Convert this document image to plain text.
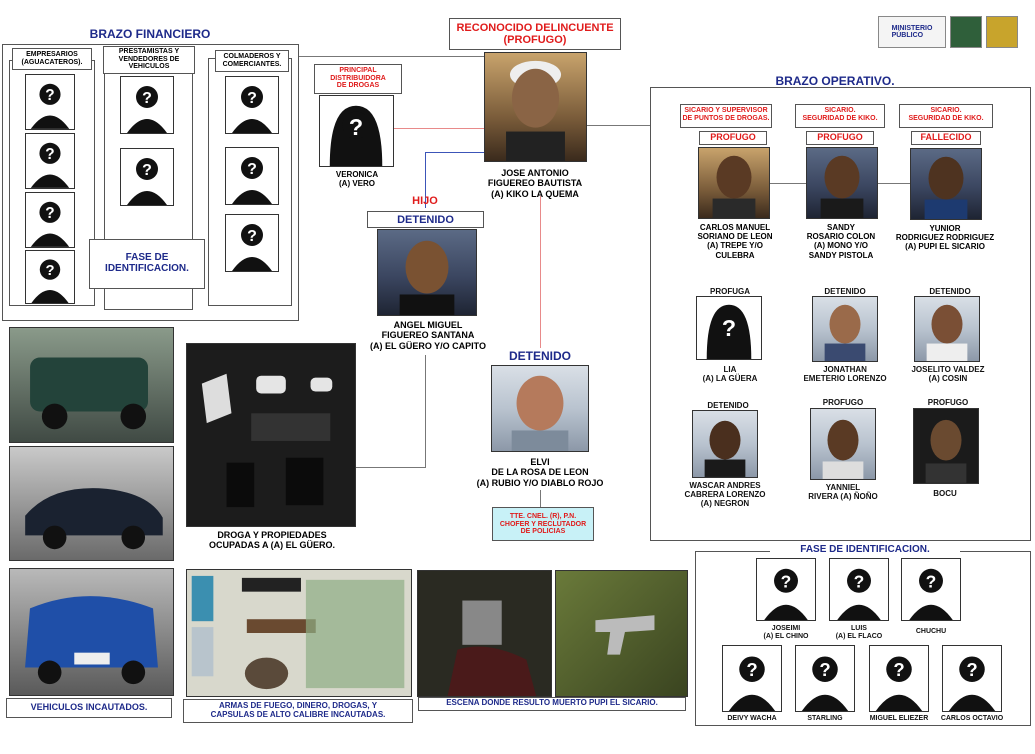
BRAZO FINANCIERO
EMPRESARIOS
(AGUACATEROS).
PRESTAMISTAS Y
VENDEDORES DE
VEHICULOS
COLMADEROS Y
COMERCIANTES.
?
?
?
?
?
?
?
?
?
FASE DE
IDENTIFICACION.
RECONOCIDO DELINCUENTE
(PROFUGO)
JOSE ANTONIO
FIGUEREO BAUTISTA
(A) KIKO LA QUEMA
PRINCIPAL
DISTRIBUIDORA
DE DROGAS
?
VERONICA
(A) VERO
HIJO
DETENIDO
ANGEL MIGUEL
FIGUEREO SANTANA
(A) EL GÜERO Y/O CAPITO
DROGA Y PROPIEDADES
OCUPADAS A (A) EL GÜERO.
DETENIDO
ELVI
DE LA ROSA DE LEON
(A) RUBIO Y/O DIABLO ROJO
TTE. CNEL. (R), P.N.
CHOFER Y RECLUTADOR
DE POLICIAS
MINISTERIO
PÚBLICO
BRAZO OPERATIVO.
SICARIO Y SUPERVISOR
DE PUNTOS DE DROGAS.
PROFUGO
CARLOS MANUEL
SORIANO DE LEON
(A) TREPE Y/O
CULEBRA
SICARIO.
SEGURIDAD DE KIKO.
PROFUGO
SANDY
ROSARIO COLON
(A) MONO Y/O
SANDY PISTOLA
SICARIO.
SEGURIDAD DE KIKO.
FALLECIDO
YUNIOR
RODRIGUEZ RODRIGUEZ
(A) PUPI EL SICARIO
PROFUGA
?
LIA
(A) LA GÜERA
DETENIDO
JONATHAN
EMETERIO LORENZO
DETENIDO
JOSELITO VALDEZ
(A) COSIN
DETENIDO
WASCAR ANDRES
CABRERA LORENZO
(A) NEGRON
PROFUGO
YANNIEL
RIVERA (A) ÑOÑO
PROFUGO
BOCU
FASE DE IDENTIFICACION.
?
JOSEIMI
(A) EL CHINO
?
LUIS
(A) EL FLACO
?
CHUCHU
?
DEIVY WACHA
?
STARLING
?
MIGUEL ELIEZER
?
CARLOS OCTAVIO
VEHICULOS INCAUTADOS.	ARMAS DE FUEGO, DINERO, DROGAS, Y
CAPSULAS DE ALTO CALIBRE INCAUTADAS.
ESCENA DONDE RESULTO MUERTO PUPI EL SICARIO.
